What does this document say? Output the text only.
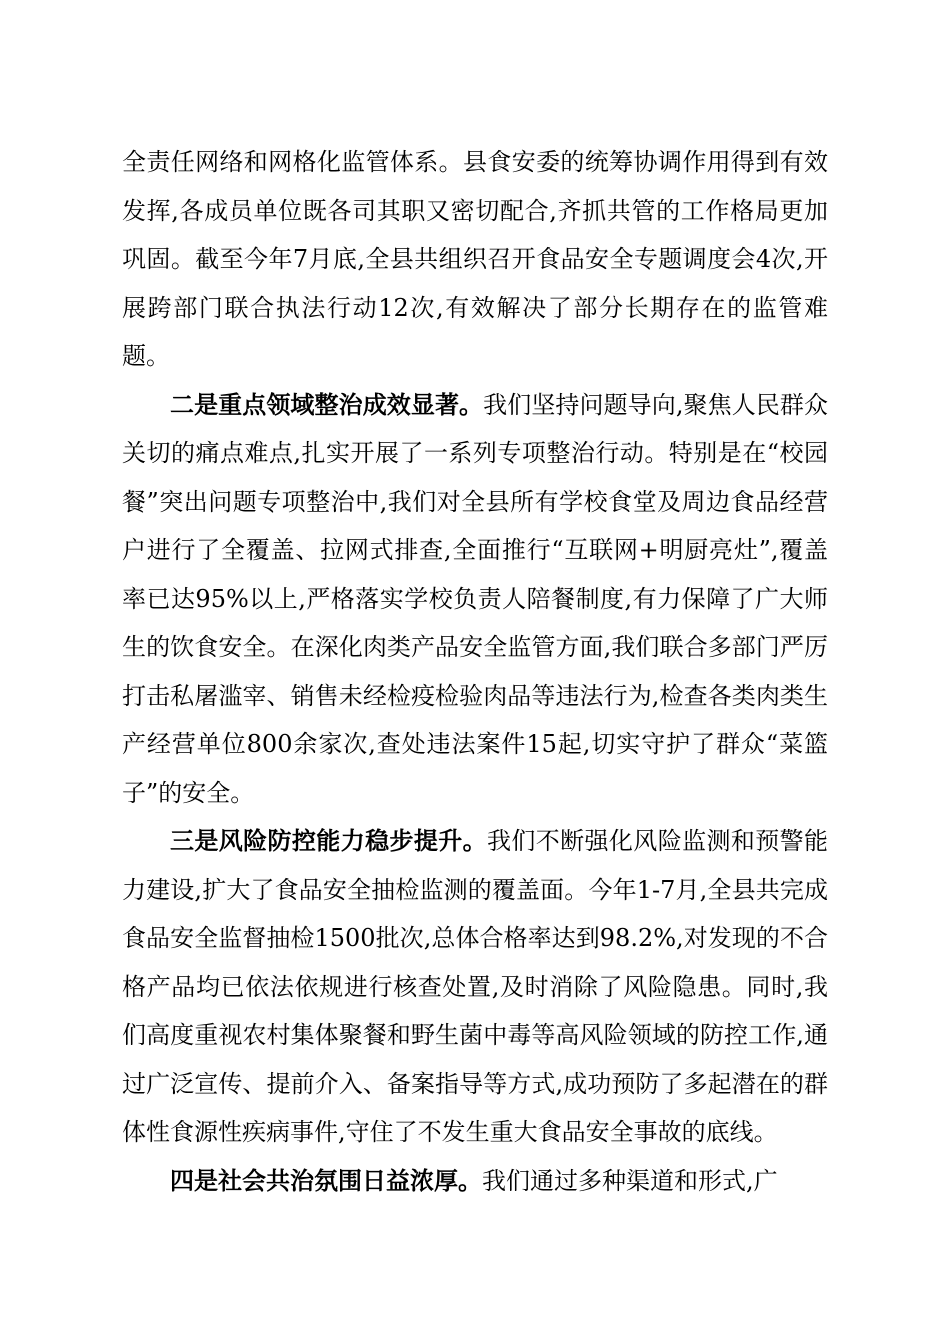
全责任网络和网格化监管体系。县食安委的统筹协调作用得到有效发挥,各成员单位既各司其职又密切配合,齐抓共管的工作格局更加巩固。截至今年7月底,全县共组织召开食品安全专题调度会4次,开展跨部门联合执法行动12次,有效解决了部分长期存在的监管难题。

二是重点领域整治成效显著。我们坚持问题导向,聚焦人民群众关切的痛点难点,扎实开展了一系列专项整治行动。特别是在“校园餐”突出问题专项整治中,我们对全县所有学校食堂及周边食品经营户进行了全覆盖、拉网式排查,全面推行“互联网+明厨亮灶”,覆盖率已达95%以上,严格落实学校负责人陪餐制度,有力保障了广大师生的饮食安全。在深化肉类产品安全监管方面,我们联合多部门严厉打击私屠滥宰、销售未经检疫检验肉品等违法行为,检查各类肉类生产经营单位800余家次,查处违法案件15起,切实守护了群众“菜篮子”的安全。

三是风险防控能力稳步提升。我们不断强化风险监测和预警能力建设,扩大了食品安全抽检监测的覆盖面。今年1-7月,全县共完成食品安全监督抽检1500批次,总体合格率达到98.2%,对发现的不合格产品均已依法依规进行核查处置,及时消除了风险隐患。同时,我们高度重视农村集体聚餐和野生菌中毒等高风险领域的防控工作,通过广泛宣传、提前介入、备案指导等方式,成功预防了多起潜在的群体性食源性疾病事件,守住了不发生重大食品安全事故的底线。

四是社会共治氛围日益浓厚。我们通过多种渠道和形式,广
